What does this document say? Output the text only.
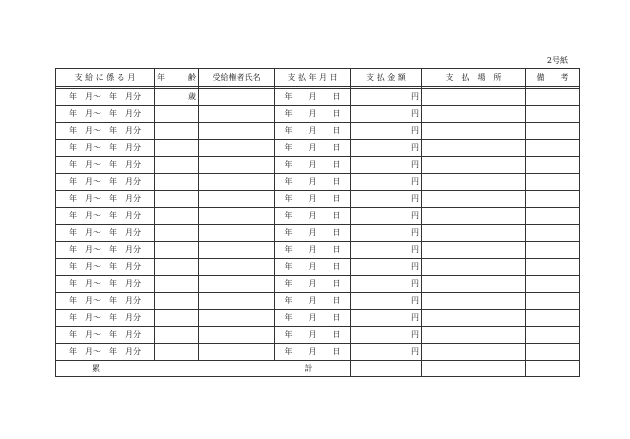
2号紙
支 給 に 係 る 月	年 齢	受給権者氏名	支 払 年 月 日	支 払 金 額	支　払　場　所	備　　考

年　月〜　年　月分	歳		年　　月　　日	円		
年　月〜　年　月分			年　　月　　日	円		
年　月〜　年　月分			年　　月　　日	円		
年　月〜　年　月分			年　　月　　日	円		
年　月〜　年　月分			年　　月　　日	円		
年　月〜　年　月分			年　　月　　日	円		
年　月〜　年　月分			年　　月　　日	円		
年　月〜　年　月分			年　　月　　日	円		
年　月〜　年　月分			年　　月　　日	円		
年　月〜　年　月分			年　　月　　日	円		
年　月〜　年　月分			年　　月　　日	円		
年　月〜　年　月分			年　　月　　日	円		
年　月〜　年　月分			年　　月　　日	円		
年　月〜　年　月分			年　　月　　日	円		
年　月〜　年　月分			年　　月　　日	円		
年　月〜　年　月分			年　　月　　日	円		
累			計			
